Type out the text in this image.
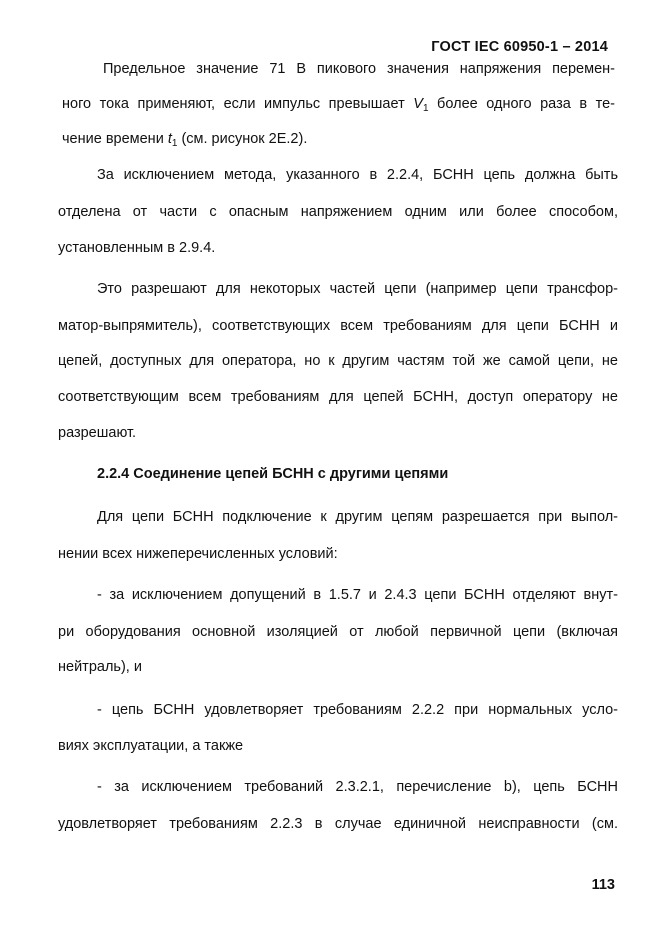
ГОСТ IEC 60950-1 – 2014
Предельное значение 71 В пикового значения напряжения перемен-
ного тока применяют, если импульс превышает $V_1$ более одного раза в те-
чение времени $t_1$ (см. рисунок 2Е.2).
За исключением метода, указанного в 2.2.4, БСНН цепь должна быть
отделена от части с опасным напряжением одним или более способом,
установленным в 2.9.4.
Это разрешают для некоторых частей цепи (например цепи трансфор-
матор-выпрямитель), соответствующих всем требованиям для цепи БСНН и
цепей, доступных для оператора, но к другим частям той же самой цепи, не
соответствующим всем требованиям для цепей БСНН, доступ оператору не
разрешают.
2.2.4 Соединение цепей БСНН с другими цепями
Для цепи БСНН подключение к другим цепям разрешается при выпол-
нении всех нижеперечисленных условий:
- за исключением допущений в 1.5.7 и 2.4.3 цепи БСНН отделяют внут-
ри оборудования основной изоляцией от любой первичной цепи (включая
нейтраль), и
- цепь БСНН удовлетворяет требованиям 2.2.2 при нормальных усло-
виях эксплуатации, а также
- за исключением требований 2.3.2.1, перечисление b), цепь БСНН
удовлетворяет требованиям 2.2.3 в случае единичной неисправности (см.
113
